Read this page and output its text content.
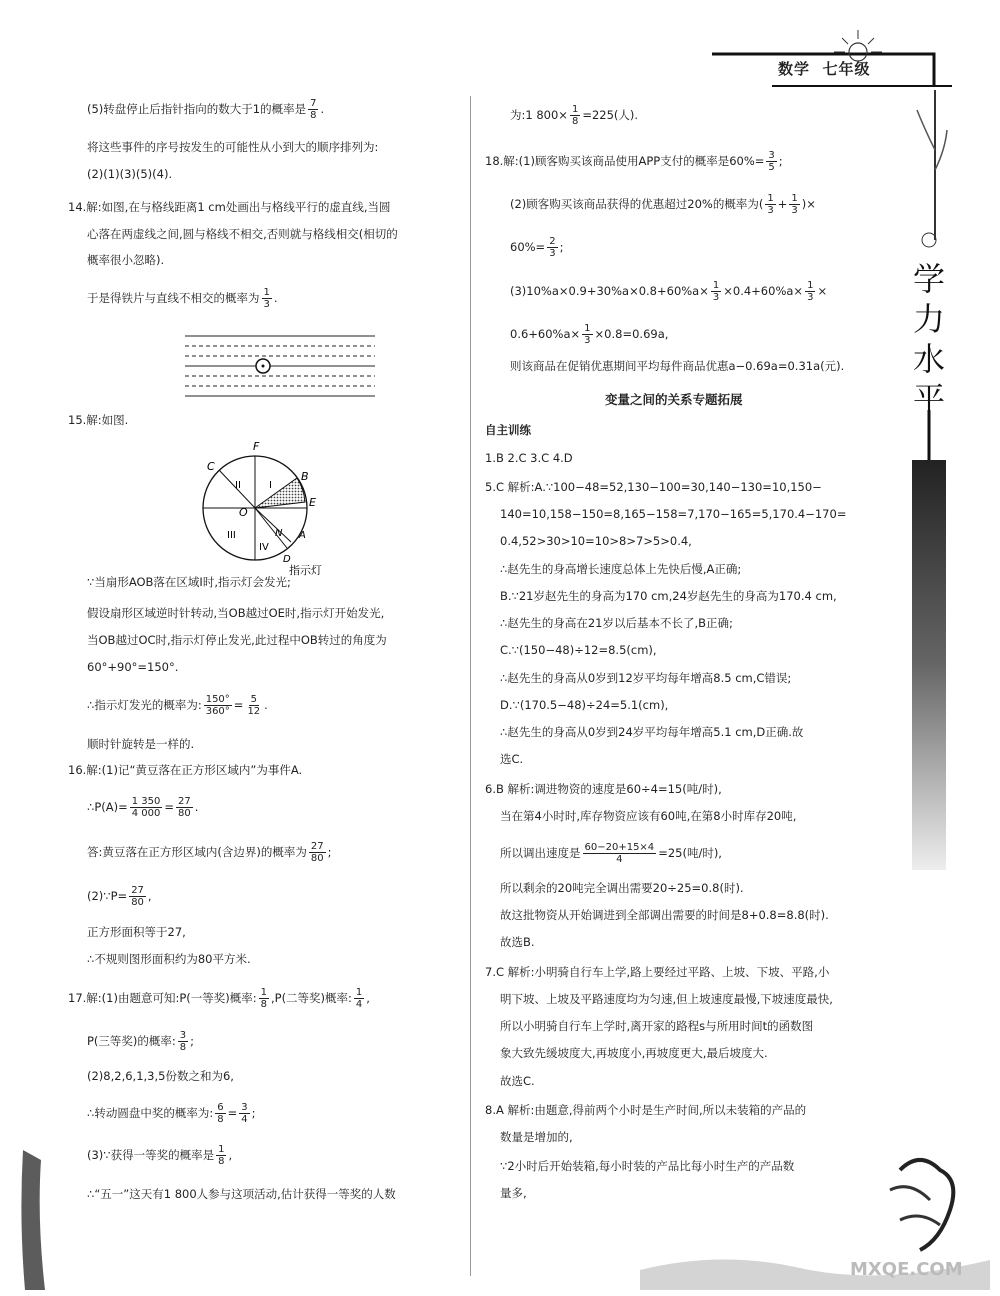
数学 七年级
学
力
水
平
(5)转盘停止后指针指向的数大于1的概率是 $\frac{7}{8}$ .
将这些事件的序号按发生的可能性从小到大的顺序排列为:
(2)(1)(3)(5)(4).
14.解:如图,在与格线距离1 cm处画出与格线平行的虚直线,当圆
心落在两虚线之间,圆与格线不相交,否则就与格线相交(相切的
概率很小忽略).
于是得铁片与直线不相交的概率为 $\frac{1}{3}$ .
15.解:如图.
F
C
B
E
O
N A
D
I
II
III
IV
指示灯
∵当扇形AOB落在区域Ⅰ时,指示灯会发光;
假设扇形区域逆时针转动,当OB越过OE时,指示灯开始发光,
当OB越过OC时,指示灯停止发光,此过程中OB转过的角度为
60°+90°=150°.
∴指示灯发光的概率为: $\frac{150^\circ}{360^\circ} = \frac{5}{12}$ .
顺时针旋转是一样的.
16.解:(1)记“黄豆落在正方形区域内”为事件A.
∴P(A)= $\frac{1 350}{4 000} = \frac{27}{80}$ .
答:黄豆落在正方形区域内(含边界)的概率为 $\frac{27}{80}$ ;
(2)∵P= $\frac{27}{80}$ ,
正方形面积等于27,
∴不规则图形面积约为80平方米.
17.解:(1)由题意可知:P(一等奖)概率: $\frac{1}{8} ,P$(二等奖)概率: $\frac{1}{4}$ ,
P(三等奖)的概率: $\frac{3}{8}$ ;
(2)8,2,6,1,3,5份数之和为6,
∴转动圆盘中奖的概率为: $\frac{6}{8} = \frac{3}{4}$ ;
(3)∵获得一等奖的概率是 $\frac{1}{8}$ ,
∴“五一”这天有1 800人参与这项活动,估计获得一等奖的人数
为:1 $800\times \frac{1}{8} =225$(人).
18.解:(1)顾客购买该商品使用APP支付的概率是$60\%= \frac{3}{5}$ ;
(2)顾客购买该商品获得的优惠超过20%的概率为( $\frac{1}{3} + \frac{1}{3}$ )×
$60\%= \frac{2}{3}$ ;
$(3)10\%a\times 0.9+30\%a\times 0.8+60\%a\times \frac{1}{3} \times 0.4+60\%a\times \frac{1}{3}$ ×
$0.6+60\%a\times \frac{1}{3} \times 0.8=0.69a$,
则该商品在促销优惠期间平均每件商品优惠a−0.69a=0.31a(元).
变量之间的关系专题拓展
自主训练
1.B 2.C 3.C 4.D
5.C 解析:A.∵100−48=52,130−100=30,140−130=10,150−
140=10,158−150=8,165−158=7,170−165=5,170.4−170=
0.4,52>30>10=10>8>7>5>0.4,
∴赵先生的身高增长速度总体上先快后慢,A正确;
B.∵21岁赵先生的身高为170 cm,24岁赵先生的身高为170.4 cm,
∴赵先生的身高在21岁以后基本不长了,B正确;
C.∵(150−48)÷12=8.5(cm),
∴赵先生的身高从0岁到12岁平均每年增高8.5 cm,C错误;
D.∵(170.5−48)÷24=5.1(cm),
∴赵先生的身高从0岁到24岁平均每年增高5.1 cm,D正确.故
选C.
6.B 解析:调进物资的速度是60÷4=15(吨/时),
当在第4小时时,库存物资应该有60吨,在第8小时库存20吨,
所以调出速度是 $\frac{60-20+15\times 4}{4} =25$(吨/时),
所以剩余的20吨完全调出需要20÷25=0.8(时).
故这批物资从开始调进到全部调出需要的时间是8+0.8=8.8(时).
故选B.
7.C 解析:小明骑自行车上学,路上要经过平路、上坡、下坡、平路,小
明下坡、上坡及平路速度均为匀速,但上坡速度最慢,下坡速度最快,
所以小明骑自行车上学时,离开家的路程s与所用时间t的函数图
象大致先缓坡度大,再坡度小,再坡度更大,最后坡度大.
故选C.
8.A 解析:由题意,得前两个小时是生产时间,所以未装箱的产品的
数量是增加的,
∵2小时后开始装箱,每小时装的产品比每小时生产的产品数
量多,
MXQE.COM
